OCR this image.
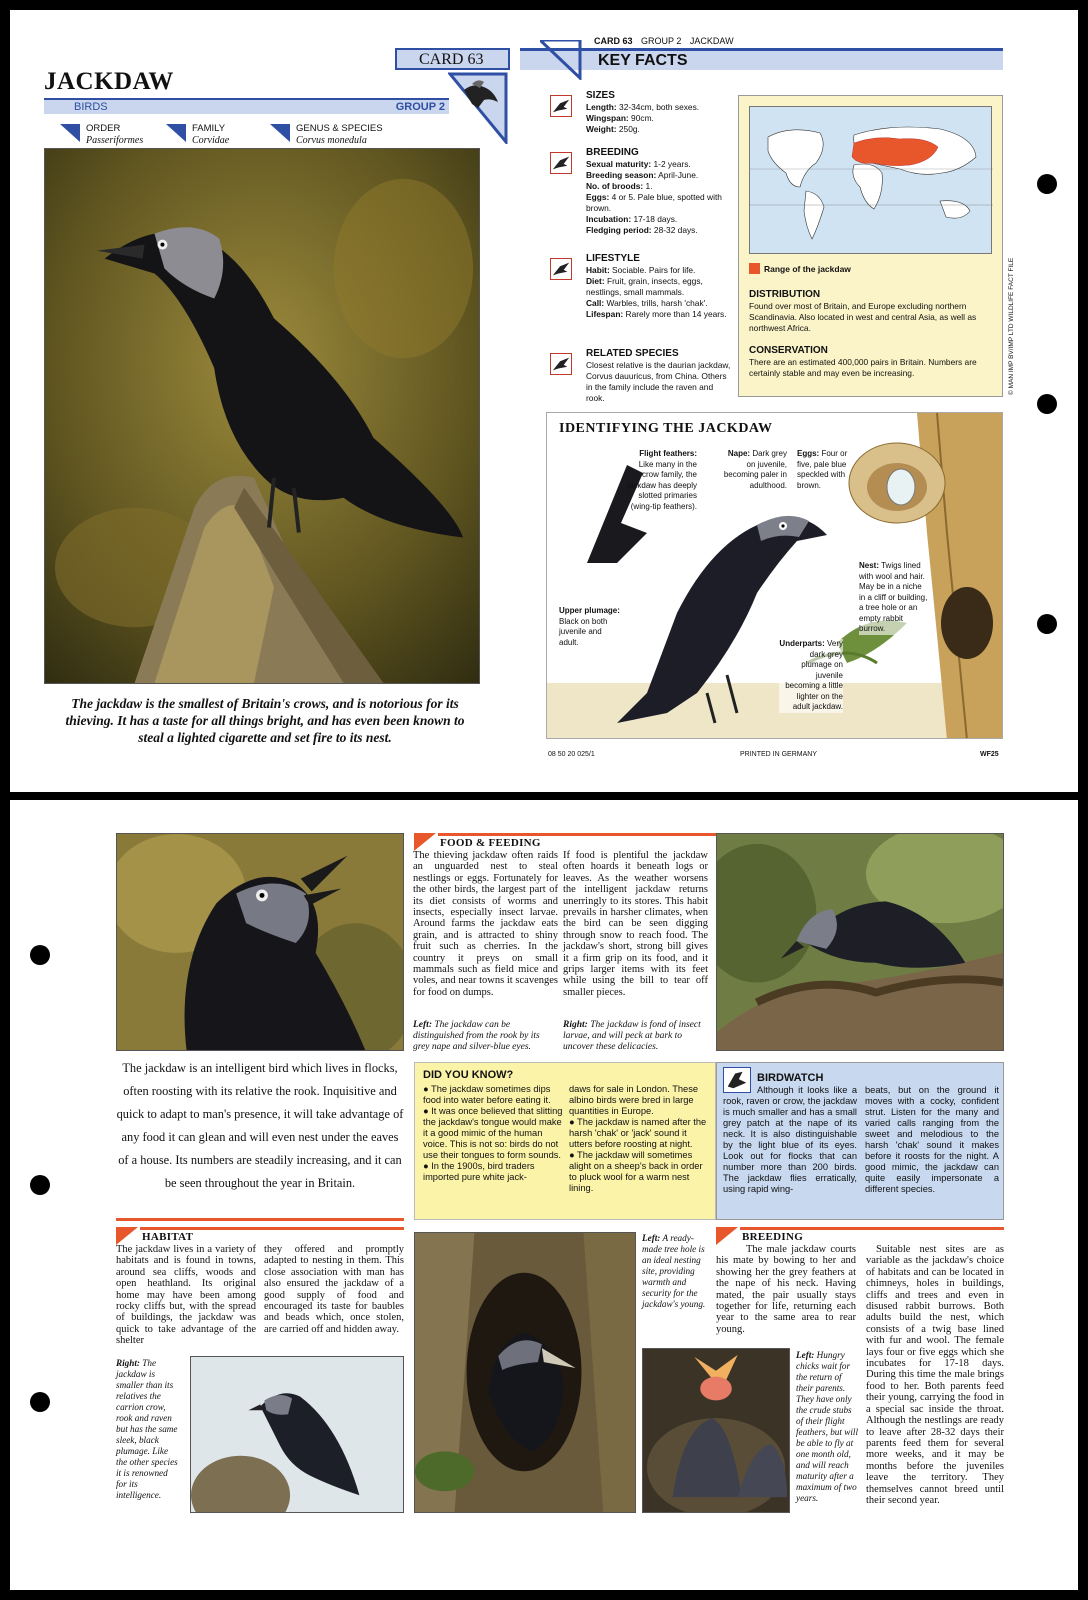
JACKDAW
BIRDS	GROUP 2
CARD 63
ORDER
Passeriformes
FAMILY
Corvidae
GENUS & SPECIES
Corvus monedula
The jackdaw is the smallest of Britain's crows, and is notorious for its thieving. It has a taste for all things bright, and has even been known to steal a lighted cigarette and set fire to its nest.
CARD 63 GROUP 2 JACKDAW
KEY FACTS
SIZES
Length: 32-34cm, both sexes.
Wingspan: 90cm.
Weight: 250g.
BREEDING
Sexual maturity: 1-2 years.
Breeding season: April-June.
No. of broods: 1.
Eggs: 4 or 5. Pale blue, spotted with brown.
Incubation: 17-18 days.
Fledging period: 28-32 days.
LIFESTYLE
Habit: Sociable. Pairs for life.
Diet: Fruit, grain, insects, eggs, nestlings, small mammals.
Call: Warbles, trills, harsh 'chak'.
Lifespan: Rarely more than 14 years.
RELATED SPECIES
Closest relative is the daurian jackdaw, Corvus dauuricus, from China. Others in the family include the raven and rook.
Range of the jackdaw
DISTRIBUTION
Found over most of Britain, and Europe excluding northern Scandinavia. Also located in west and central Asia, as well as northwest Africa.
CONSERVATION
There are an estimated 400,000 pairs in Britain. Numbers are certainly stable and may even be increasing.	© MAN IMP BV/IMP LTD WILDLIFE FACT FILE
IDENTIFYING THE JACKDAW
Flight feathers: Like many in the crow family, the jackdaw has deeply slotted primaries (wing-tip feathers).
Nape: Dark grey on juvenile, becoming paler in adulthood.
Eggs: Four or five, pale blue speckled with brown.
Nest: Twigs lined with wool and hair. May be in a niche in a cliff or building, a tree hole or an empty rabbit burrow.
Upper plumage: Black on both juvenile and adult.	Underparts: Very dark grey plumage on juvenile becoming a little lighter on the adult jackdaw.
08 50 20 025/1	PRINTED IN GERMANY	WF25
The jackdaw is an intelligent bird which lives in flocks, often roosting with its relative the rook. Inquisitive and quick to adapt to man's presence, it will take advantage of any food it can glean and will even nest under the eaves of a house. Its numbers are steadily increasing, and it can be seen throughout the year in Britain.
FOOD & FEEDING
The thieving jackdaw often raids an unguarded nest to steal nestlings or eggs. Fortunately for the other birds, the largest part of its diet consists of worms and insects, especially insect larvae. Around farms the jackdaw eats grain, and is attracted to shiny fruit such as cherries. In the country it preys on small mammals such as field mice and voles, and near towns it scavenges for food on dumps.
If food is plentiful the jackdaw often hoards it beneath logs or leaves. As the weather worsens the intelligent jackdaw returns unerringly to its stores. This habit prevails in harsher climates, when the bird can be seen digging through snow to reach food. The jackdaw's short, strong bill gives it a firm grip on its food, and it grips larger items with its feet while using the bill to tear off smaller pieces.
Left: The jackdaw can be distinguished from the rook by its grey nape and silver-blue eyes.
Right: The jackdaw is fond of insect larvae, and will peck at bark to uncover these delicacies.
DID YOU KNOW?
● The jackdaw sometimes dips food into water before eating it.
● It was once believed that slitting the jackdaw's tongue would make it a good mimic of the human voice. This is not so: birds do not use their tongues to form sounds.
● In the 1900s, bird traders imported pure white jack-
daws for sale in London. These albino birds were bred in large quantities in Europe.
● The jackdaw is named after the harsh 'chak' or 'jack' sound it utters before roosting at night.
● The jackdaw will sometimes alight on a sheep's back in order to pluck wool for a warm nest lining.
BIRDWATCH
Although it looks like a rook, raven or crow, the jackdaw is much smaller and has a small grey patch at the nape of its neck. It is also distinguishable by the light blue of its eyes. Look out for flocks that can number more than 200 birds. The jackdaw flies erratically, using rapid wing-
beats, but on the ground it moves with a cocky, confident strut. Listen for the many and varied calls ranging from the sweet and melodious to the harsh 'chak' sound it makes before it roosts for the night. A good mimic, the jackdaw can quite easily impersonate a different species.
HABITAT
The jackdaw lives in a variety of habitats and is found in towns, around sea cliffs, woods and open heathland. Its original home may have been among rocky cliffs but, with the spread of buildings, the jackdaw was quick to take advantage of the shelter
they offered and promptly adapted to nesting in them. This close association with man has also ensured the jackdaw of a good supply of food and encouraged its taste for baubles and beads which, once stolen, are carried off and hidden away.
Right: The jackdaw is smaller than its relatives the carrion crow, rook and raven but has the same sleek, black plumage. Like the other species it is renowned for its intelligence.
Left: A ready-made tree hole is an ideal nesting site, providing warmth and security for the jackdaw's young.
BREEDING
The male jackdaw courts his mate by bowing to her and showing her the grey feathers at the nape of his neck. Having mated, the pair usually stays together for life, returning each year to the same area to rear young.
Left: Hungry chicks wait for the return of their parents. They have only the crude stubs of their flight feathers, but will be able to fly at one month old, and will reach maturity after a maximum of two years.
Suitable nest sites are as variable as the jackdaw's choice of habitats and can be located in chimneys, holes in buildings, cliffs and trees and even in disused rabbit burrows. Both adults build the nest, which consists of a twig base lined with fur and wool. The female lays four or five eggs which she incubates for 17-18 days. During this time the male brings food to her. Both parents feed their young, carrying the food in a special sac inside the throat. Although the nestlings are ready to leave after 28-32 days their parents feed them for several more weeks, and it may be months before the juveniles leave the territory. They themselves cannot breed until their second year.
